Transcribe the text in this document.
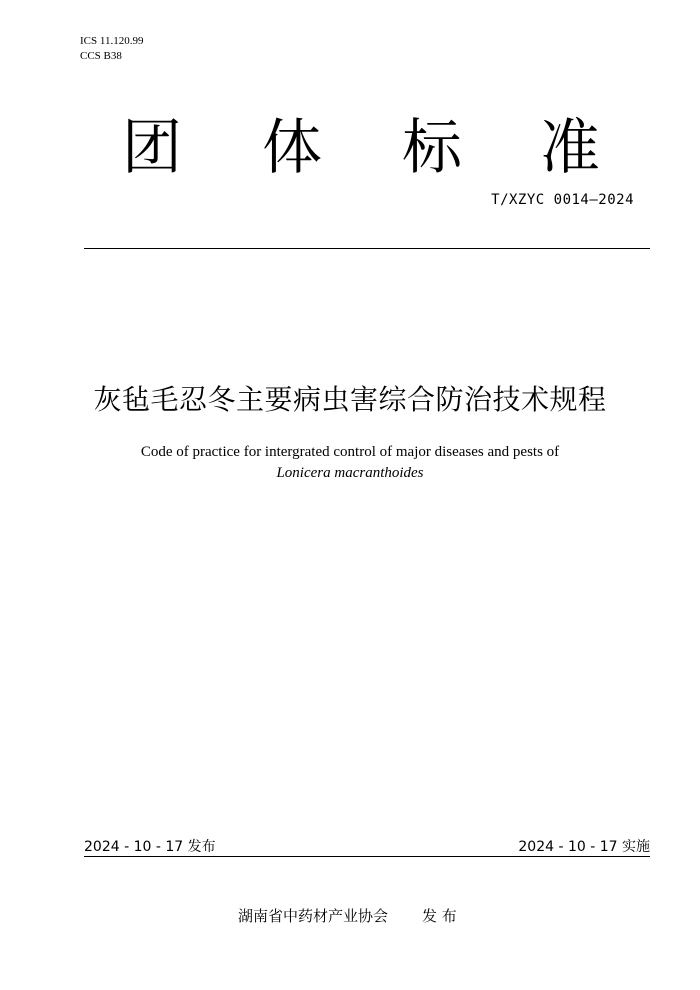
ICS 11.120.99
CCS B38
团 体 标 准
T/XZYC 0014—2024
灰毡毛忍冬主要病虫害综合防治技术规程
Code of practice for intergrated control of major diseases and pests of
Lonicera macranthoides
2024 - 10 - 17 发布	2024 - 10 - 17 实施
湖南省中药材产业协会 发 布
